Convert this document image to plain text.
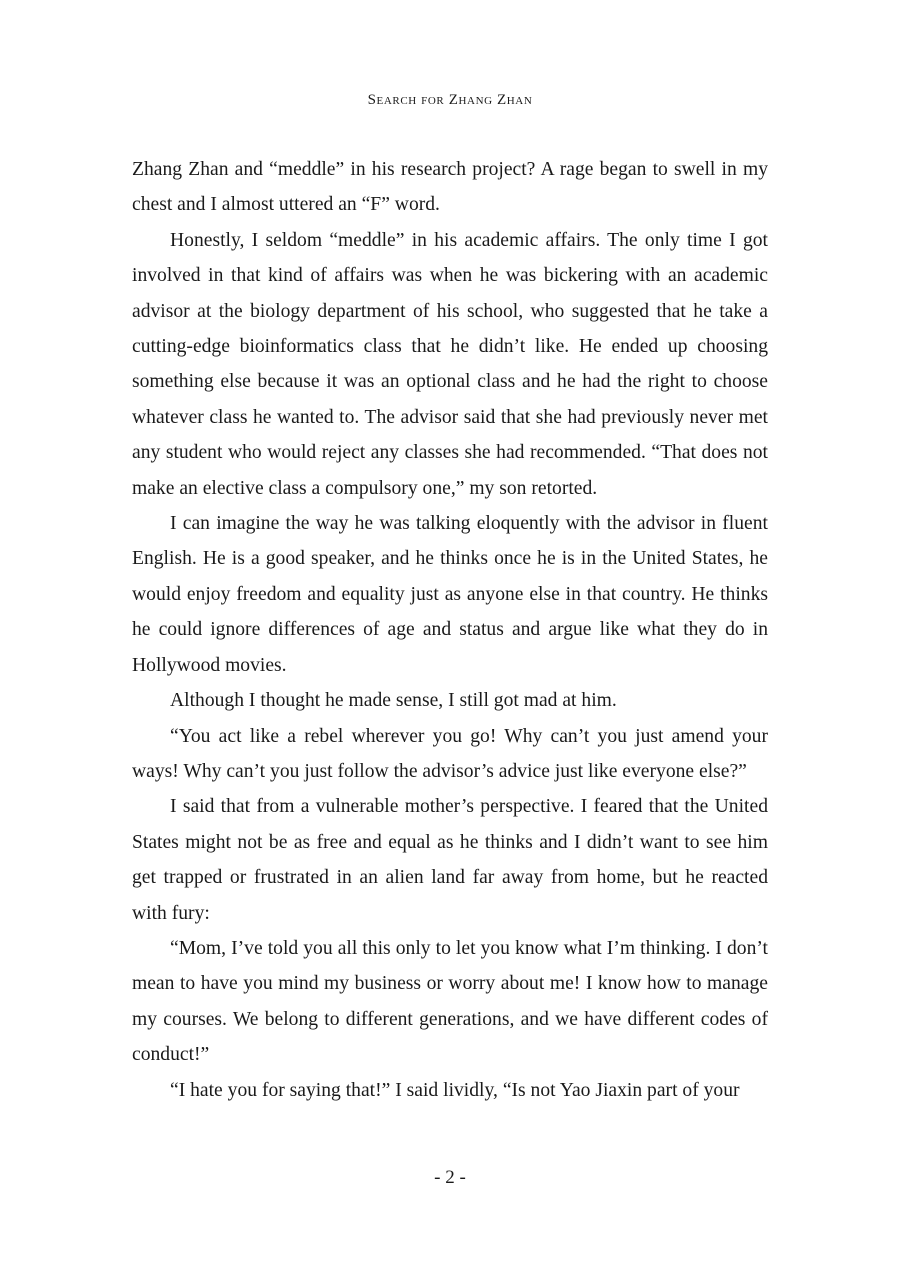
Search for Zhang Zhan

Zhang Zhan and “meddle” in his research project? A rage began to swell in my chest and I almost uttered an “F” word.

Honestly, I seldom “meddle” in his academic affairs. The only time I got involved in that kind of affairs was when he was bickering with an academic advisor at the biology department of his school, who suggested that he take a cutting-edge bioinformatics class that he didn’t like. He ended up choosing something else because it was an optional class and he had the right to choose whatever class he wanted to. The advisor said that she had previously never met any student who would reject any classes she had recommended. “That does not make an elective class a compulsory one,” my son retorted.

I can imagine the way he was talking eloquently with the advisor in fluent English. He is a good speaker, and he thinks once he is in the United States, he would enjoy freedom and equality just as anyone else in that country. He thinks he could ignore differences of age and status and argue like what they do in Hollywood movies.

Although I thought he made sense, I still got mad at him.

“You act like a rebel wherever you go! Why can’t you just amend your ways! Why can’t you just follow the advisor’s advice just like everyone else?”

I said that from a vulnerable mother’s perspective. I feared that the United States might not be as free and equal as he thinks and I didn’t want to see him get trapped or frustrated in an alien land far away from home, but he reacted with fury:

“Mom, I’ve told you all this only to let you know what I’m thinking. I don’t mean to have you mind my business or worry about me! I know how to manage my courses. We belong to different generations, and we have different codes of conduct!”

“I hate you for saying that!” I said lividly, “Is not Yao Jiaxin part of your

- 2 -
